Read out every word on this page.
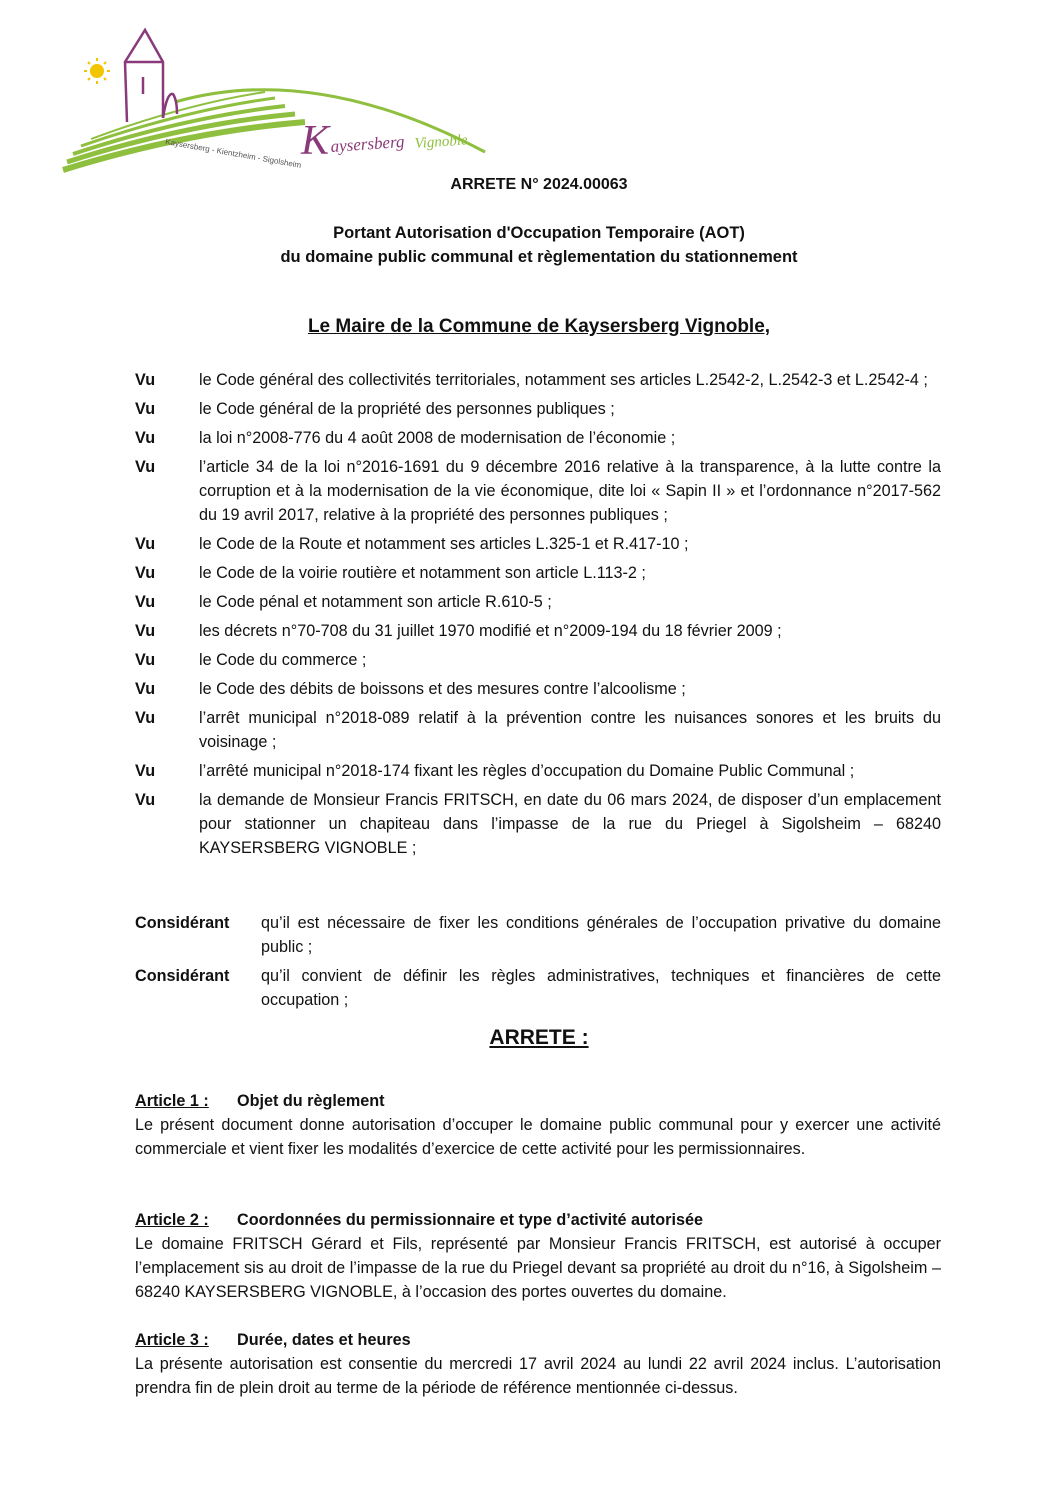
Kaysersberg - Kientzheim - Sigolsheim K aysersberg Vignoble
ARRETE N° 2024.00063
Portant Autorisation d'Occupation Temporaire (AOT)
du domaine public communal et règlementation du stationnement
Le Maire de la Commune de Kaysersberg Vignoble,
Vu	le Code général des collectivités territoriales, notamment ses articles L.2542-2, L.2542-3 et L.2542-4 ;
Vu	le Code général de la propriété des personnes publiques ;
Vu	la loi n°2008-776 du 4 août 2008 de modernisation de l’économie ;
Vu	l’article 34 de la loi n°2016-1691 du 9 décembre 2016 relative à la transparence, à la lutte contre la corruption et à la modernisation de la vie économique, dite loi « Sapin II » et l’ordonnance n°2017-562 du 19 avril 2017, relative à la propriété des personnes publiques ;
Vu	le Code de la Route et notamment ses articles L.325-1 et R.417-10 ;
Vu	le Code de la voirie routière et notamment son article L.113-2 ;
Vu	le Code pénal et notamment son article R.610-5 ;
Vu	les décrets n°70-708 du 31 juillet 1970 modifié et n°2009-194 du 18 février 2009 ;
Vu	le Code du commerce ;
Vu	le Code des débits de boissons et des mesures contre l’alcoolisme ;
Vu	l’arrêt municipal n°2018-089 relatif à la prévention contre les nuisances sonores et les bruits du voisinage ;
Vu	l’arrêté municipal n°2018-174 fixant les règles d’occupation du Domaine Public Communal ;
Vu	la demande de Monsieur Francis FRITSCH, en date du 06 mars 2024, de disposer d’un emplacement pour stationner un chapiteau dans l’impasse de la rue du Priegel à Sigolsheim – 68240 KAYSERSBERG VIGNOBLE ;
Considérant	qu’il est nécessaire de fixer les conditions générales de l’occupation privative du domaine public ;
Considérant	qu’il convient de définir les règles administratives, techniques et financières de cette occupation ;
ARRETE :
Article 1 :	Objet du règlement
Le présent document donne autorisation d’occuper le domaine public communal pour y exercer une activité commerciale et vient fixer les modalités d’exercice de cette activité pour les permissionnaires.
Article 2 :	Coordonnées du permissionnaire et type d’activité autorisée
Le domaine FRITSCH Gérard et Fils, représenté par Monsieur Francis FRITSCH, est autorisé à occuper l’emplacement sis au droit de l’impasse de la rue du Priegel devant sa propriété au droit du n°16, à Sigolsheim – 68240 KAYSERSBERG VIGNOBLE, à l’occasion des portes ouvertes du domaine.
Article 3 :	Durée, dates et heures
La présente autorisation est consentie du mercredi 17 avril 2024 au lundi 22 avril 2024 inclus. L’autorisation prendra fin de plein droit au terme de la période de référence mentionnée ci-dessus.
